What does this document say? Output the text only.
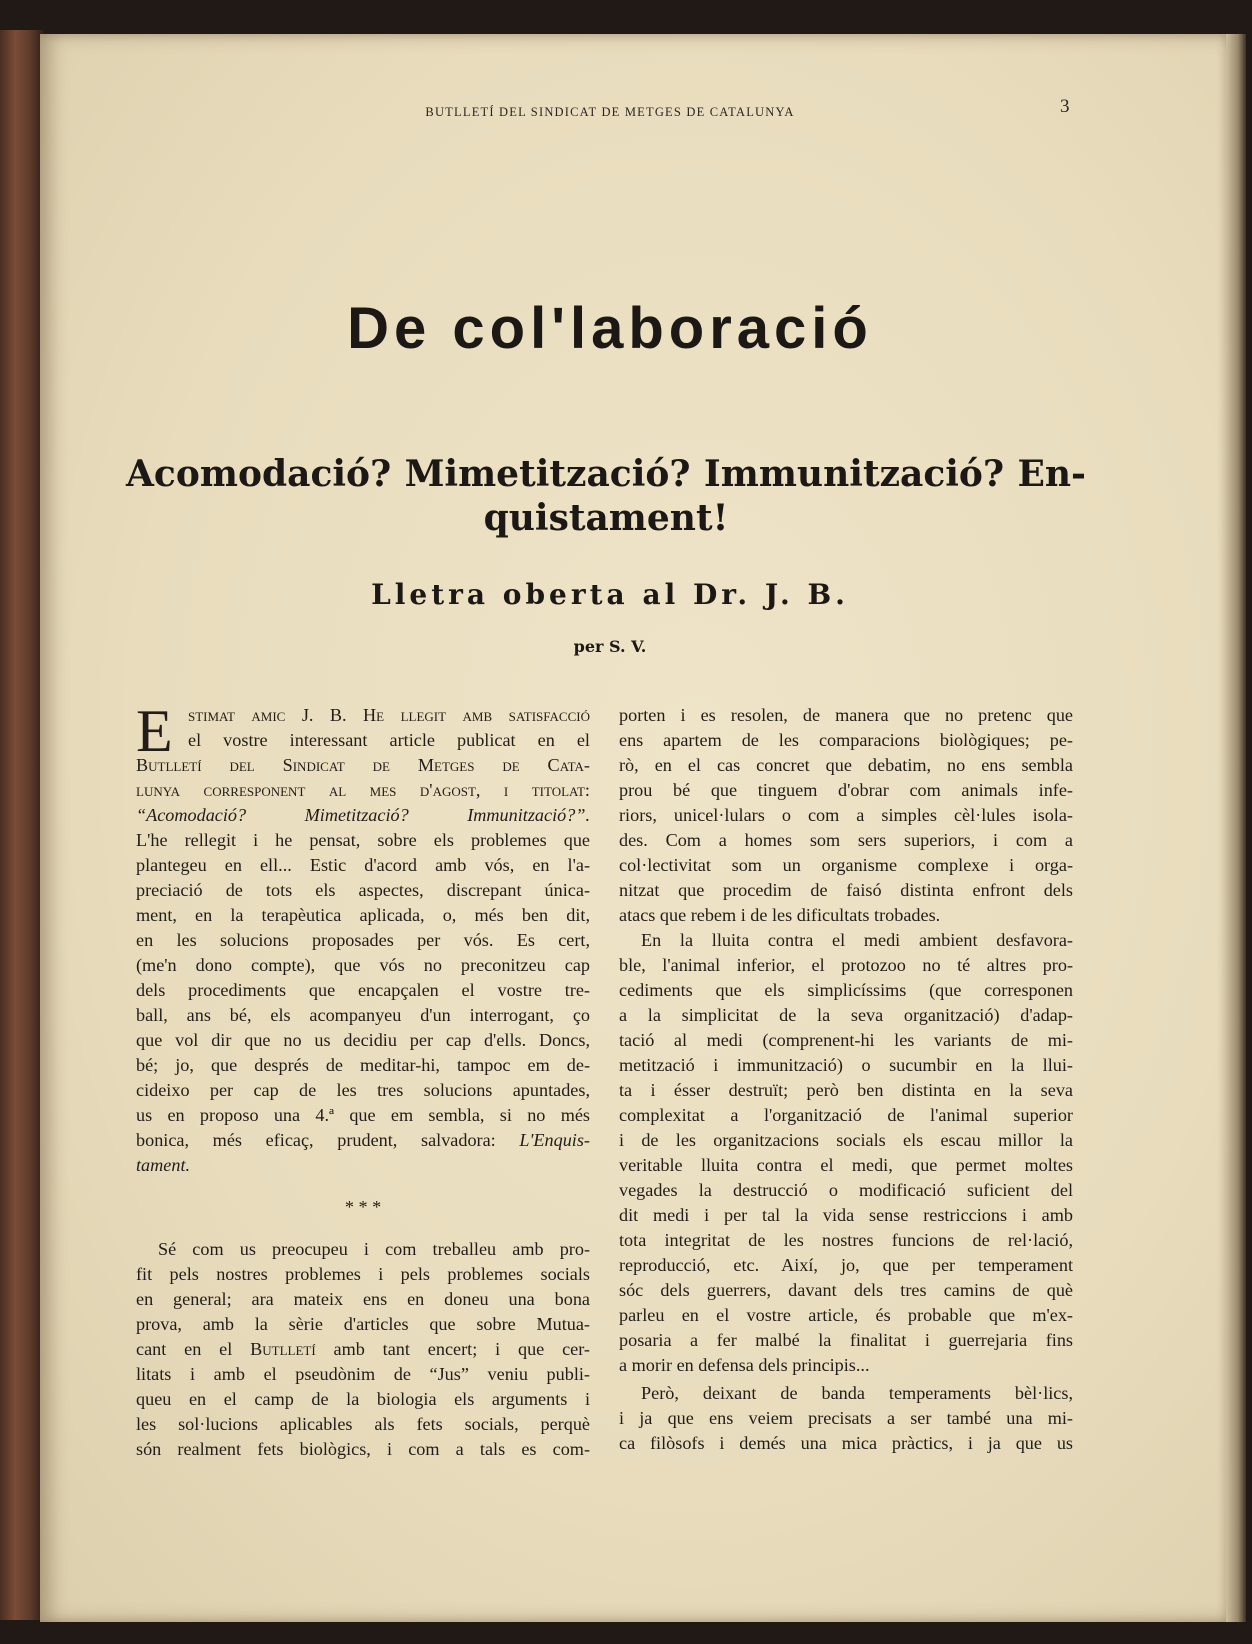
BUTLLETÍ DEL SINDICAT DE METGES DE CATALUNYA	3
De col'laboració
Acomodació? Mimetització? Immunització? En-
quistament!
Lletra oberta al Dr. J. B.
per S. V.
E stimat amic J. B. He llegit amb satisfacció
el vostre interessant article publicat en el
Butlletí del Sindicat de Metges de Cata-
lunya corresponent al mes d'agost, i titolat:
“Acomodació? Mimetització? Immunització?”.
L'he rellegit i he pensat, sobre els problemes que
plantegeu en ell... Estic d'acord amb vós, en l'a-
preciació de tots els aspectes, discrepant únicа-
ment, en la terapèutica aplicada, o, més ben dit,
en les solucions proposades per vós. Es cert,
(me'n dono compte), que vós no preconitzeu cap
dels procediments que encapçalen el vostre tre-
ball, ans bé, els acompanyeu d'un interrogant, ço
que vol dir que no us decidiu per cap d'ells. Doncs,
bé; jo, que després de meditar-hi, tampoc em de-
cideixo per cap de les tres solucions apuntades,
us en proposo una 4.ª que em sembla, si no més
bonica, més eficaç, prudent, salvadora: L'Enquis-
tament.
* * *
Sé com us preocupeu i com treballeu amb pro-
fit pels nostres problemes i pels problemes socials
en general; ara mateix ens en doneu una bona
prova, amb la sèrie d'articles que sobre Mutua-
cant en el Butlletí amb tant encert; i que cer-
litats i amb el pseudònim de “Jus” veniu publi-
queu en el camp de la biologia els arguments i
les sol·lucions aplicables als fets socials, perquè
són realment fets biològics, i com a tals es com-
porten i es resolen, de manera que no pretenc que
ens apartem de les comparacions biològiques; pe-
rò, en el cas concret que debatim, no ens sembla
prou bé que tinguem d'obrar com animals infe-
riors, unicel·lulars o com a simples cèl·lules isola-
des. Com a homes som sers superiors, i com a
col·lectivitat som un organisme complexe i orga-
nitzat que procedim de faisó distinta enfront dels
atacs que rebem i de les dificultats trobades.
En la lluita contra el medi ambient desfavora-
ble, l'animal inferior, el protozoo no té altres pro-
cediments que els simplicíssims (que corresponen
a la simplicitat de la seva organització) d'adap-
tació al medi (comprenent-hi les variants de mi-
metització i immunització) o sucumbir en la llui-
ta i ésser destruït; però ben distinta en la seva
complexitat a l'organització de l'animal superior
i de les organitzacions socials els escau millor la
veritable lluita contra el medi, que permet moltes
vegades la destrucció o modificació suficient del
dit medi i per tal la vida sense restriccions i amb
tota integritat de les nostres funcions de rel·lació,
reproducció, etc. Així, jo, que per temperament
sóc dels guerrers, davant dels tres camins de què
parleu en el vostre article, és probable que m'ex-
posaria a fer malbé la finalitat i guerrejaria fins
a morir en defensa dels principis...
Però, deixant de banda temperaments bèl·lics,
i ja que ens veiem precisats a ser també una mi-
ca filòsofs i demés una mica pràctics, i ja que us
